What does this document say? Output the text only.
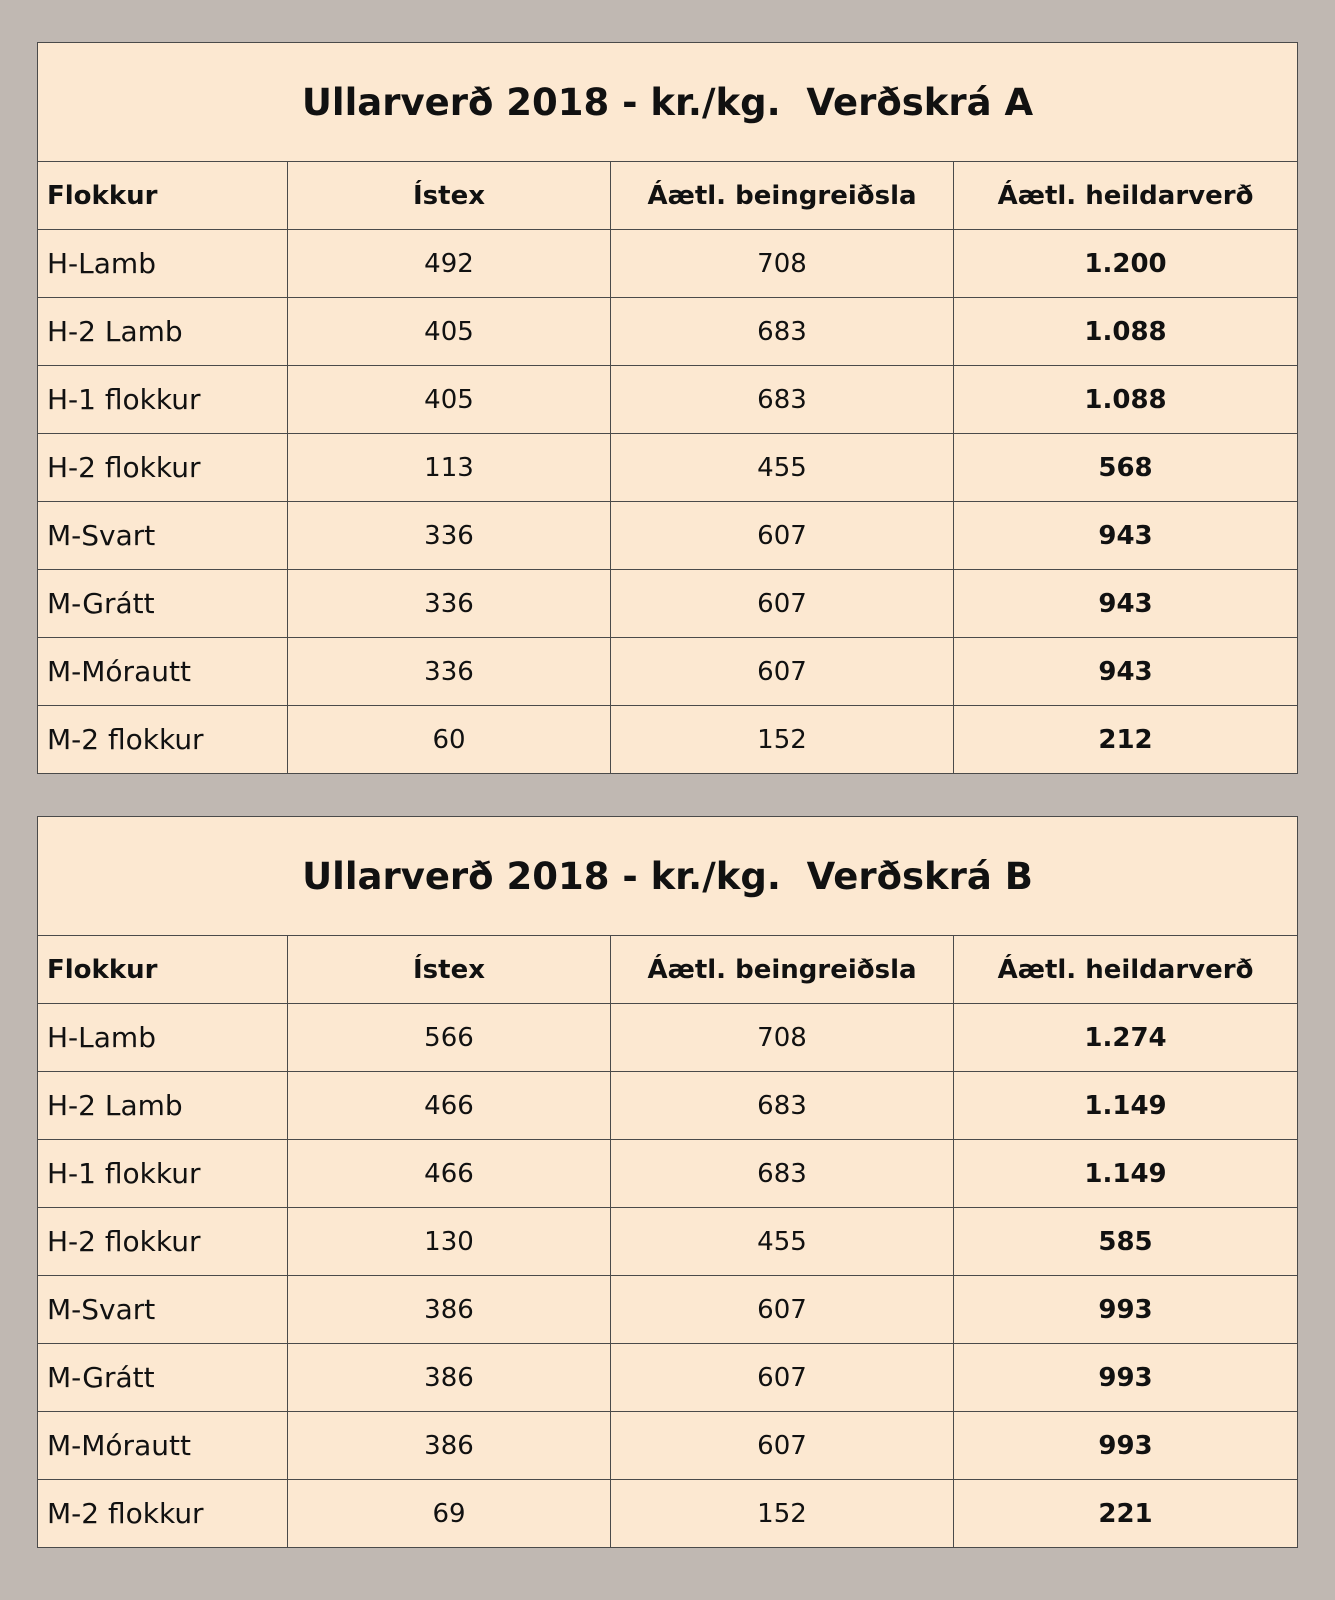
Ullarverð 2018 - kr./kg.  Verðskrá A			
Flokkur	Ístex	Áætl. beingreiðsla	Áætl. heildarverð
H-Lamb	492	708	1.200
H-2 Lamb	405	683	1.088
H-1 flokkur	405	683	1.088
H-2 flokkur	113	455	568
M-Svart	336	607	943
M-Grátt	336	607	943
M-Mórautt	336	607	943
M-2 flokkur	60	152	212
Ullarverð 2018 - kr./kg.  Verðskrá B			
Flokkur	Ístex	Áætl. beingreiðsla	Áætl. heildarverð
H-Lamb	566	708	1.274
H-2 Lamb	466	683	1.149
H-1 flokkur	466	683	1.149
H-2 flokkur	130	455	585
M-Svart	386	607	993
M-Grátt	386	607	993
M-Mórautt	386	607	993
M-2 flokkur	69	152	221
